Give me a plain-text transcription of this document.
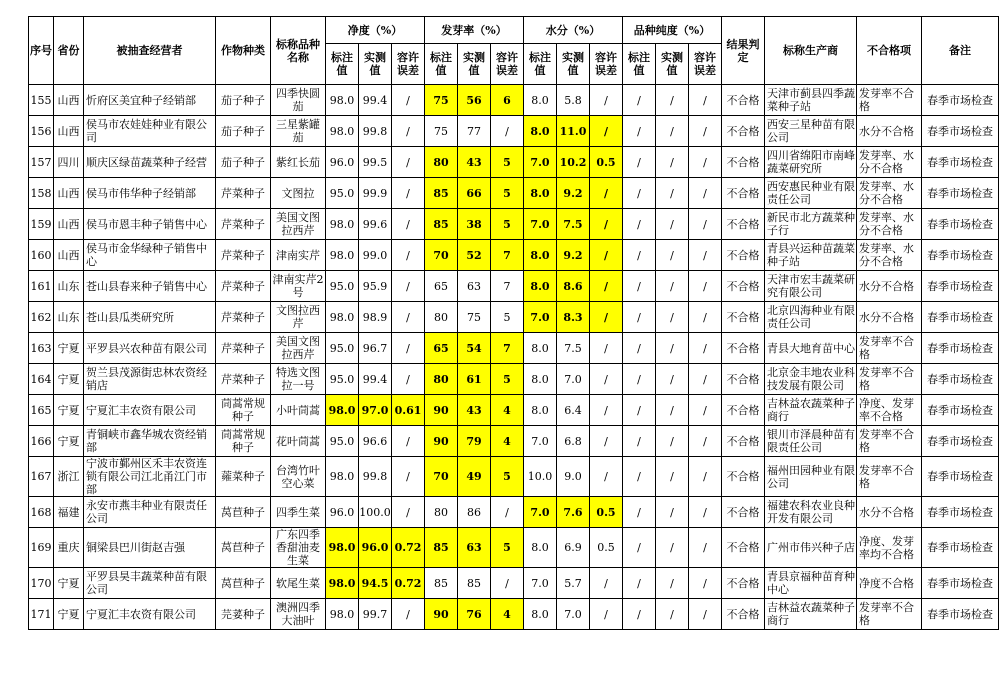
序号	省份	被抽查经营者	作物种类	标称品种名称	净度（%）			发芽率（%）			水分（%）			品种纯度（%）			结果判定	标称生产商	不合格项	备注
					标注值	实测值	容许误差	标注值	实测值	容许误差	标注值	实测值	容许误差	标注值	实测值	容许误差				
155	山西	忻府区美宜种子经销部	茄子种子	四季快圆茄	98.0	99.4	/	75	56	6	8.0	5.8	/	/	/	/	不合格	天津市蓟县四季蔬菜种子站	发芽率不合格	春季市场检查
156	山西	侯马市农娃娃种业有限公司	茄子种子	三星紫罐茄	98.0	99.8	/	75	77	/	8.0	11.0	/	/	/	/	不合格	西安三星种苗有限公司	水分不合格	春季市场检查
157	四川	顺庆区绿苗蔬菜种子经营	茄子种子	紫红长茄	96.0	99.5	/	80	43	5	7.0	10.2	0.5	/	/	/	不合格	四川省绵阳市南峰蔬菜研究所	发芽率、水分不合格	春季市场检查
158	山西	侯马市伟华种子经销部	芹菜种子	文图拉	95.0	99.9	/	85	66	5	8.0	9.2	/	/	/	/	不合格	西安惠民种业有限责任公司	发芽率、水分不合格	春季市场检查
159	山西	侯马市恩丰种子销售中心	芹菜种子	美国文图拉西芹	98.0	99.6	/	85	38	5	7.0	7.5	/	/	/	/	不合格	新民市北方蔬菜种子行	发芽率、水分不合格	春季市场检查
160	山西	侯马市金华绿种子销售中心	芹菜种子	津南实芹	98.0	99.0	/	70	52	7	8.0	9.2	/	/	/	/	不合格	青县兴运种苗蔬菜种子站	发芽率、水分不合格	春季市场检查
161	山东	苍山县春来种子销售中心	芹菜种子	津南实芹2号	95.0	95.9	/	65	63	7	8.0	8.6	/	/	/	/	不合格	天津市宏丰蔬菜研究有限公司	水分不合格	春季市场检查
162	山东	苍山县瓜类研究所	芹菜种子	文图拉西芹	98.0	98.9	/	80	75	5	7.0	8.3	/	/	/	/	不合格	北京四海种业有限责任公司	水分不合格	春季市场检查
163	宁夏	平罗县兴农种苗有限公司	芹菜种子	美国文图拉西芹	95.0	96.7	/	65	54	7	8.0	7.5	/	/	/	/	不合格	青县大地育苗中心	发芽率不合格	春季市场检查
164	宁夏	贺兰县茂源街忠林农资经销店	芹菜种子	特选文图拉一号	95.0	99.4	/	80	61	5	8.0	7.0	/	/	/	/	不合格	北京金丰地农业科技发展有限公司	发芽率不合格	春季市场检查
165	宁夏	宁夏汇丰农资有限公司	茼蒿常规种子	小叶茼蒿	98.0	97.0	0.61	90	43	4	8.0	6.4	/	/	/	/	不合格	吉林益农蔬菜种子商行	净度、发芽率不合格	春季市场检查
166	宁夏	青铜峡市鑫华城农资经销部	茼蒿常规种子	花叶茼蒿	95.0	96.6	/	90	79	4	7.0	6.8	/	/	/	/	不合格	银川市泽晨种苗有限责任公司	发芽率不合格	春季市场检查
167	浙江	宁波市鄞州区禾丰农资连锁有限公司江北甬江门市部	蕹菜种子	台湾竹叶空心菜	98.0	99.8	/	70	49	5	10.0	9.0	/	/	/	/	不合格	福州田园种业有限公司	发芽率不合格	春季市场检查
168	福建	永安市燕丰种业有限责任公司	莴苣种子	四季生菜	96.0	100.0	/	80	86	/	7.0	7.6	0.5	/	/	/	不合格	福建农科农业良种开发有限公司	水分不合格	春季市场检查
169	重庆	铜梁县巴川街赵吉强	莴苣种子	广东四季香甜油麦生菜	98.0	96.0	0.72	85	63	5	8.0	6.9	0.5	/	/	/	不合格	广州市伟兴种子店	净度、发芽率均不合格	春季市场检查
170	宁夏	平罗县昊丰蔬菜种苗有限公司	莴苣种子	软尾生菜	98.0	94.5	0.72	85	85	/	7.0	5.7	/	/	/	/	不合格	青县京福种苗育种中心	净度不合格	春季市场检查
171	宁夏	宁夏汇丰农资有限公司	芫荽种子	澳洲四季大油叶	98.0	99.7	/	90	76	4	8.0	7.0	/	/	/	/	不合格	吉林益农蔬菜种子商行	发芽率不合格	春季市场检查
